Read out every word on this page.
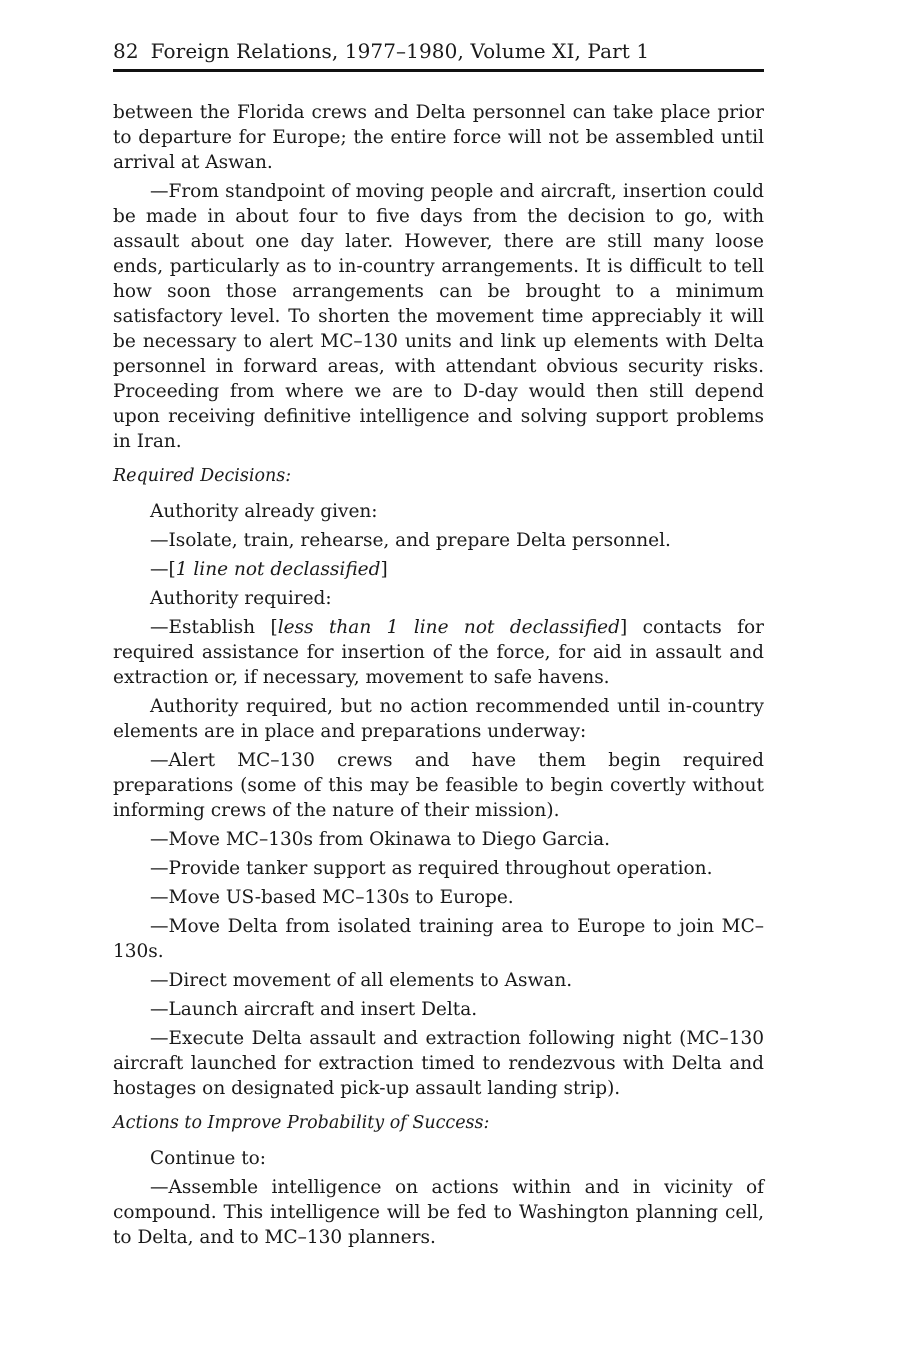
82 Foreign Relations, 1977–1980, Volume XI, Part 1

between the Florida crews and Delta personnel can take place prior to departure for Europe; the entire force will not be assembled until arrival at Aswan.

—From standpoint of moving people and aircraft, insertion could be made in about four to five days from the decision to go, with assault about one day later. However, there are still many loose ends, particularly as to in-country arrangements. It is difficult to tell how soon those arrangements can be brought to a minimum satisfactory level. To shorten the movement time appreciably it will be necessary to alert MC–130 units and link up elements with Delta personnel in forward areas, with attendant obvious security risks. Proceeding from where we are to D-day would then still depend upon receiving definitive intelligence and solving support problems in Iran.

Required Decisions:

Authority already given:

—Isolate, train, rehearse, and prepare Delta personnel.

—[1 line not declassified]

Authority required:

—Establish [less than 1 line not declassified] contacts for required assistance for insertion of the force, for aid in assault and extraction or, if necessary, movement to safe havens.

Authority required, but no action recommended until in-country elements are in place and preparations underway:

—Alert MC–130 crews and have them begin required preparations (some of this may be feasible to begin covertly without informing crews of the nature of their mission).

—Move MC–130s from Okinawa to Diego Garcia.

—Provide tanker support as required throughout operation.

—Move US-based MC–130s to Europe.

—Move Delta from isolated training area to Europe to join MC–130s.

—Direct movement of all elements to Aswan.

—Launch aircraft and insert Delta.

—Execute Delta assault and extraction following night (MC–130 aircraft launched for extraction timed to rendezvous with Delta and hostages on designated pick-up assault landing strip).

Actions to Improve Probability of Success:

Continue to:

—Assemble intelligence on actions within and in vicinity of compound. This intelligence will be fed to Washington planning cell, to Delta, and to MC–130 planners.
